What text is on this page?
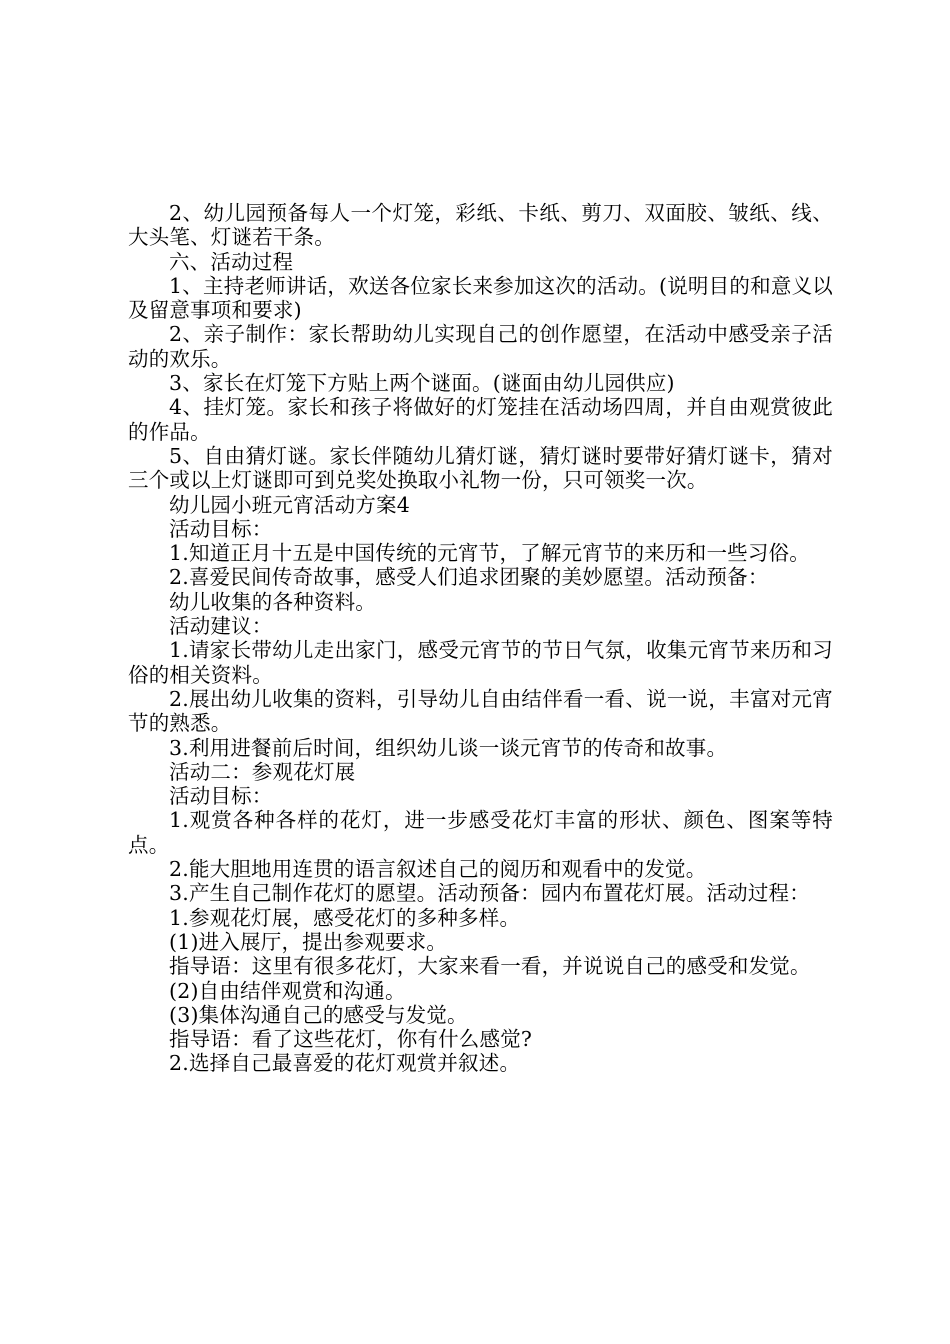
2、幼儿园预备每人一个灯笼，彩纸、卡纸、剪刀、双面胶、皱纸、线、大头笔、灯谜若干条。

六、活动过程

1、主持老师讲话，欢送各位家长来参加这次的活动。(说明目的和意义以及留意事项和要求)

2、亲子制作：家长帮助幼儿实现自己的创作愿望，在活动中感受亲子活动的欢乐。

3、家长在灯笼下方贴上两个谜面。(谜面由幼儿园供应)

4、挂灯笼。家长和孩子将做好的灯笼挂在活动场四周，并自由观赏彼此的作品。

5、自由猜灯谜。家长伴随幼儿猜灯谜，猜灯谜时要带好猜灯谜卡，猜对三个或以上灯谜即可到兑奖处换取小礼物一份，只可领奖一次。

幼儿园小班元宵活动方案4

活动目标：

1.知道正月十五是中国传统的元宵节，了解元宵节的来历和一些习俗。

2.喜爱民间传奇故事，感受人们追求团聚的美妙愿望。活动预备：

幼儿收集的各种资料。

活动建议：

1.请家长带幼儿走出家门，感受元宵节的节日气氛，收集元宵节来历和习俗的相关资料。

2.展出幼儿收集的资料，引导幼儿自由结伴看一看、说一说，丰富对元宵节的熟悉。

3.利用进餐前后时间，组织幼儿谈一谈元宵节的传奇和故事。

活动二：参观花灯展

活动目标：

1.观赏各种各样的花灯，进一步感受花灯丰富的形状、颜色、图案等特点。

2.能大胆地用连贯的语言叙述自己的阅历和观看中的发觉。

3.产生自己制作花灯的愿望。活动预备：园内布置花灯展。活动过程：

1.参观花灯展，感受花灯的多种多样。

(1)进入展厅，提出参观要求。

指导语：这里有很多花灯，大家来看一看，并说说自己的感受和发觉。

(2)自由结伴观赏和沟通。

(3)集体沟通自己的感受与发觉。

指导语：看了这些花灯，你有什么感觉?

2.选择自己最喜爱的花灯观赏并叙述。
